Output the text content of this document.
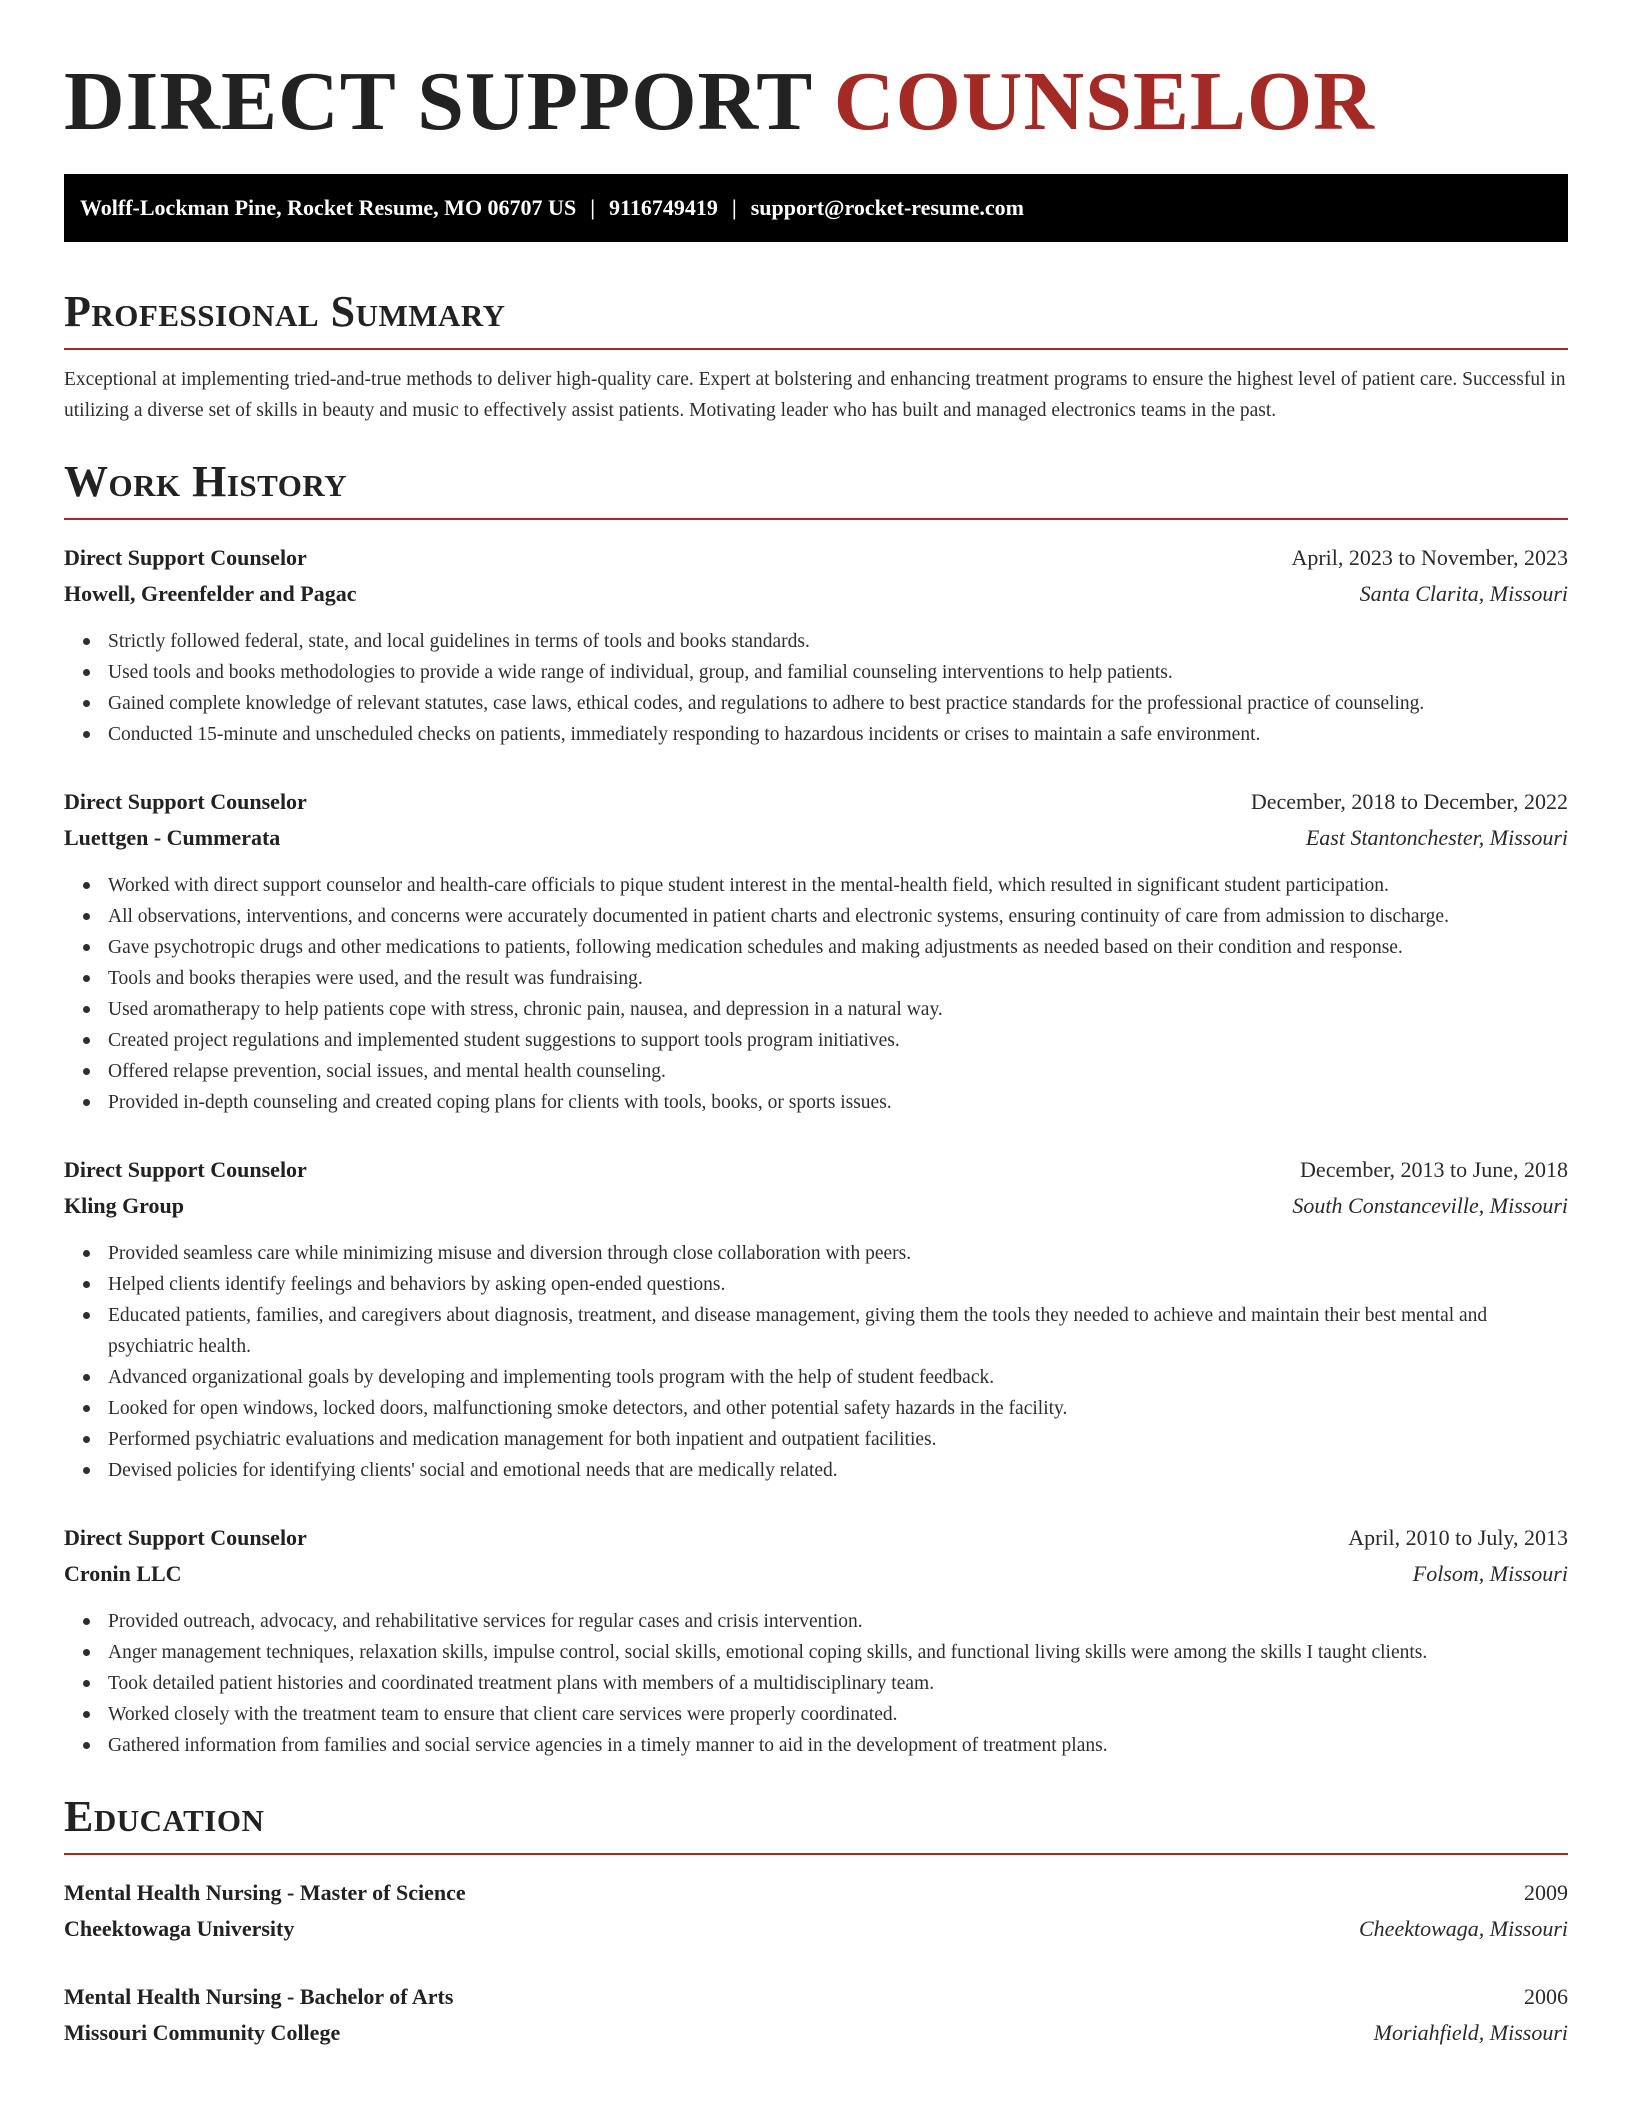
DIRECT SUPPORT COUNSELOR
Wolff-Lockman Pine, Rocket Resume, MO 06707 US | 9116749419 | support@rocket-resume.com
Professional Summary

Exceptional at implementing tried-and-true methods to deliver high-quality care. Expert at bolstering and enhancing treatment programs to ensure the highest level of patient care. Successful in utilizing a diverse set of skills in beauty and music to effectively assist patients. Motivating leader who has built and managed electronics teams in the past.

Work History
Direct Support Counselor	April, 2023 to November, 2023
Howell, Greenfelder and Pagac	Santa Clarita, Missouri
Strictly followed federal, state, and local guidelines in terms of tools and books standards.
Used tools and books methodologies to provide a wide range of individual, group, and familial counseling interventions to help patients.
Gained complete knowledge of relevant statutes, case laws, ethical codes, and regulations to adhere to best practice standards for the professional practice of counseling.
Conducted 15-minute and unscheduled checks on patients, immediately responding to hazardous incidents or crises to maintain a safe environment.
Direct Support Counselor	December, 2018 to December, 2022
Luettgen - Cummerata	East Stantonchester, Missouri
Worked with direct support counselor and health-care officials to pique student interest in the mental-health field, which resulted in significant student participation.
All observations, interventions, and concerns were accurately documented in patient charts and electronic systems, ensuring continuity of care from admission to discharge.
Gave psychotropic drugs and other medications to patients, following medication schedules and making adjustments as needed based on their condition and response.
Tools and books therapies were used, and the result was fundraising.
Used aromatherapy to help patients cope with stress, chronic pain, nausea, and depression in a natural way.
Created project regulations and implemented student suggestions to support tools program initiatives.
Offered relapse prevention, social issues, and mental health counseling.
Provided in-depth counseling and created coping plans for clients with tools, books, or sports issues.
Direct Support Counselor	December, 2013 to June, 2018
Kling Group	South Constanceville, Missouri
Provided seamless care while minimizing misuse and diversion through close collaboration with peers.
Helped clients identify feelings and behaviors by asking open-ended questions.
Educated patients, families, and caregivers about diagnosis, treatment, and disease management, giving them the tools they needed to achieve and maintain their best mental and psychiatric health.
Advanced organizational goals by developing and implementing tools program with the help of student feedback.
Looked for open windows, locked doors, malfunctioning smoke detectors, and other potential safety hazards in the facility.
Performed psychiatric evaluations and medication management for both inpatient and outpatient facilities.
Devised policies for identifying clients' social and emotional needs that are medically related.
Direct Support Counselor	April, 2010 to July, 2013
Cronin LLC	Folsom, Missouri
Provided outreach, advocacy, and rehabilitative services for regular cases and crisis intervention.
Anger management techniques, relaxation skills, impulse control, social skills, emotional coping skills, and functional living skills were among the skills I taught clients.
Took detailed patient histories and coordinated treatment plans with members of a multidisciplinary team.
Worked closely with the treatment team to ensure that client care services were properly coordinated.
Gathered information from families and social service agencies in a timely manner to aid in the development of treatment plans.
Education
Mental Health Nursing - Master of Science	2009
Cheektowaga University	Cheektowaga, Missouri
Mental Health Nursing - Bachelor of Arts	2006
Missouri Community College	Moriahfield, Missouri
